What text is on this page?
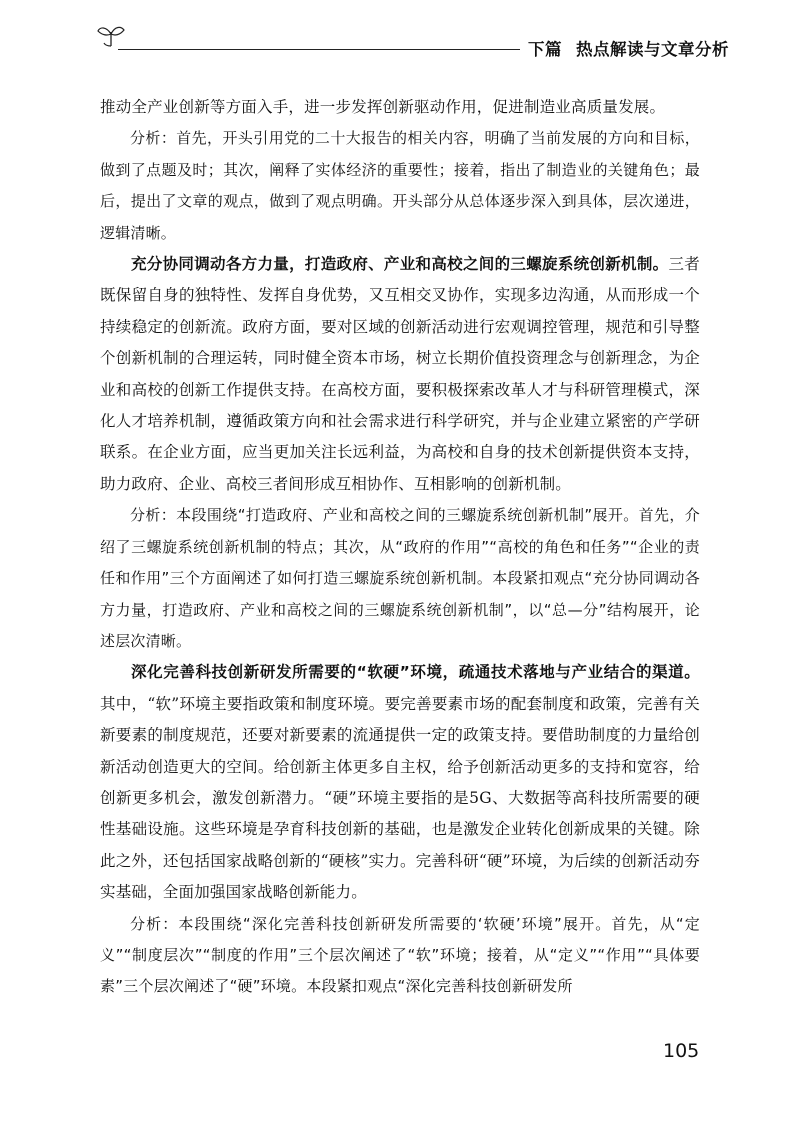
下篇 热点解读与文章分析

推动全产业创新等方面入手，进一步发挥创新驱动作用，促进制造业高质量发展。

分析：首先，开头引用党的二十大报告的相关内容，明确了当前发展的方向和目标，做到了点题及时；其次，阐释了实体经济的重要性；接着，指出了制造业的关键角色；最后，提出了文章的观点，做到了观点明确。开头部分从总体逐步深入到具体，层次递进，逻辑清晰。

充分协同调动各方力量，打造政府、产业和高校之间的三螺旋系统创新机制。三者既保留自身的独特性、发挥自身优势，又互相交叉协作，实现多边沟通，从而形成一个持续稳定的创新流。政府方面，要对区域的创新活动进行宏观调控管理，规范和引导整个创新机制的合理运转，同时健全资本市场，树立长期价值投资理念与创新理念，为企业和高校的创新工作提供支持。在高校方面，要积极探索改革人才与科研管理模式，深化人才培养机制，遵循政策方向和社会需求进行科学研究，并与企业建立紧密的产学研联系。在企业方面，应当更加关注长远利益，为高校和自身的技术创新提供资本支持，助力政府、企业、高校三者间形成互相协作、互相影响的创新机制。

分析：本段围绕“打造政府、产业和高校之间的三螺旋系统创新机制”展开。首先，介绍了三螺旋系统创新机制的特点；其次，从“政府的作用”“高校的角色和任务”“企业的责任和作用”三个方面阐述了如何打造三螺旋系统创新机制。本段紧扣观点“充分协同调动各方力量，打造政府、产业和高校之间的三螺旋系统创新机制”，以“总—分”结构展开，论述层次清晰。

深化完善科技创新研发所需要的“软硬”环境，疏通技术落地与产业结合的渠道。其中，“软”环境主要指政策和制度环境。要完善要素市场的配套制度和政策，完善有关新要素的制度规范，还要对新要素的流通提供一定的政策支持。要借助制度的力量给创新活动创造更大的空间。给创新主体更多自主权，给予创新活动更多的支持和宽容，给创新更多机会，激发创新潜力。“硬”环境主要指的是5G、大数据等高科技所需要的硬性基础设施。这些环境是孕育科技创新的基础，也是激发企业转化创新成果的关键。除此之外，还包括国家战略创新的“硬核”实力。完善科研“硬”环境，为后续的创新活动夯实基础，全面加强国家战略创新能力。

分析：本段围绕“深化完善科技创新研发所需要的‘软硬’环境”展开。首先，从“定义”“制度层次”“制度的作用”三个层次阐述了“软”环境；接着，从“定义”“作用”“具体要素”三个层次阐述了“硬”环境。本段紧扣观点“深化完善科技创新研发所

105
